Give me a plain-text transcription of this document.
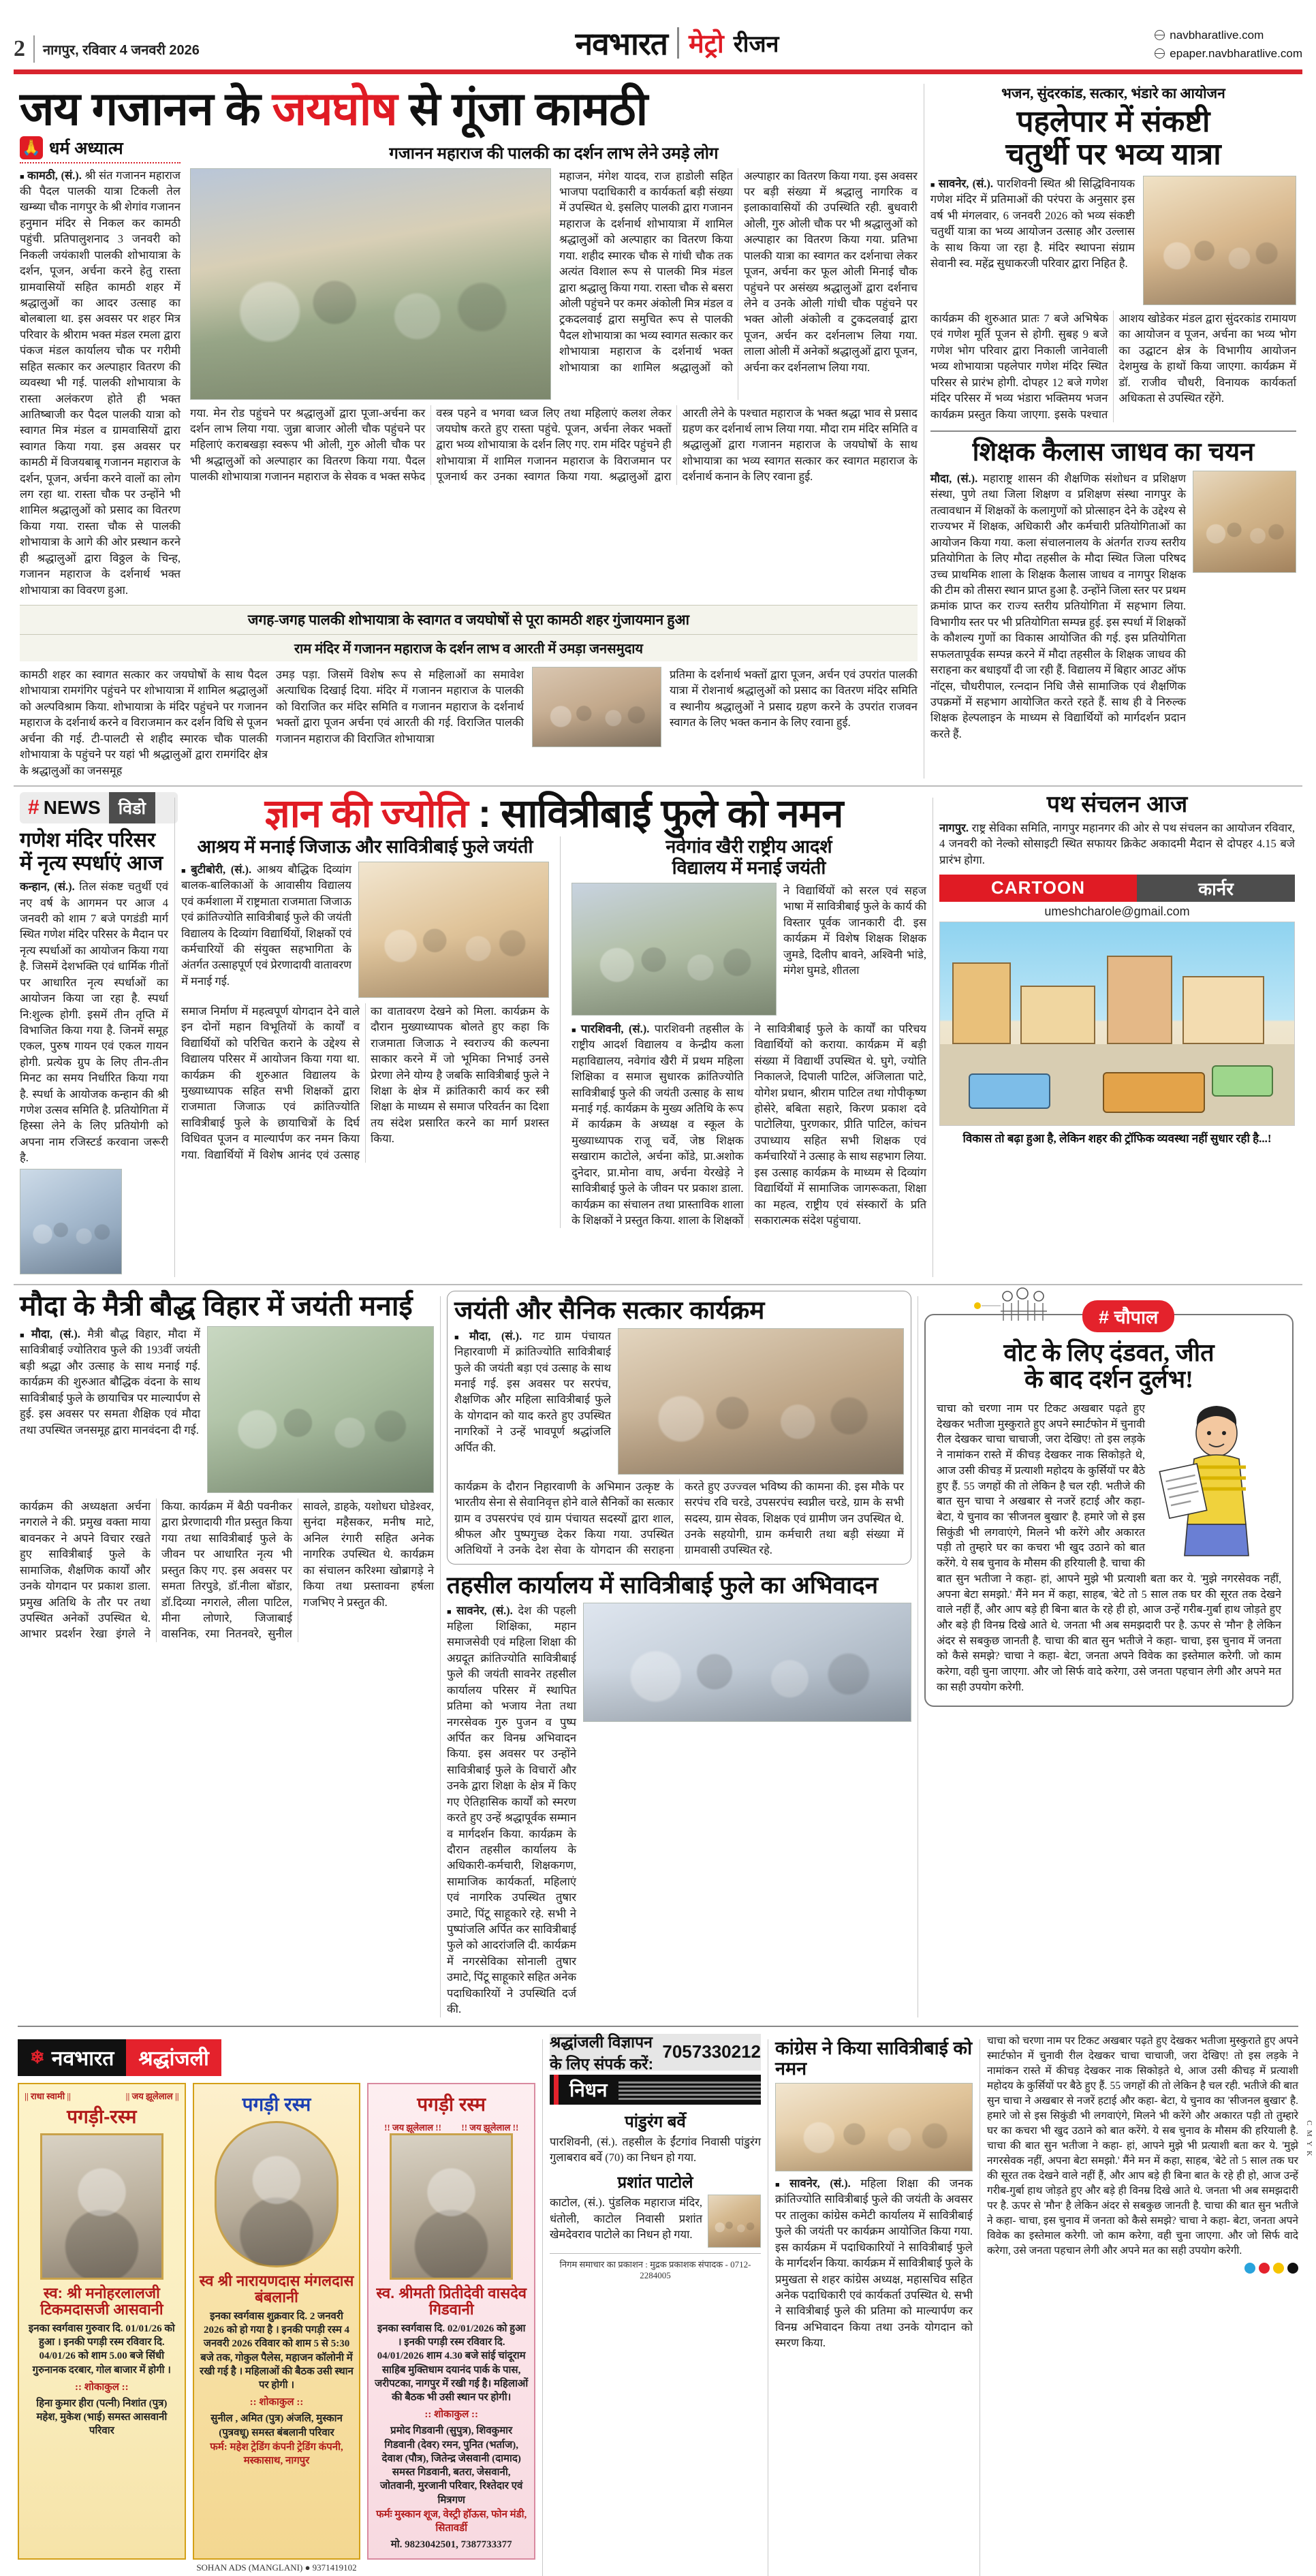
2 नागपुर, रविवार 4 जनवरी 2026	नवभारत मेट्रो रीजन	navbharatlive.com
epaper.navbharatlive.com
जय गजानन के जयघोष से गूंजा कामठी
🙏 धर्म अध्यात्म
■ कामठी, (सं.). श्री संत गजानन महाराज की पैदल पालकी यात्रा टिकली तेल खम्ब्या चौक नागपुर के श्री शेगांव गजानन हनुमान मंदिर से निकल कर कामठी पहुंची. प्रतिपालुशनाद 3 जनवरी को निकली जयंकाशी पालकी शोभायात्रा के दर्शन, पूजन, अर्चना करने हेतु रास्ता ग्रामवासियों सहित कामठी शहर में श्रद्धालुओं का आदर उत्साह का बोलबाला था. इस अवसर पर शहर मित्र परिवार के श्रीराम भक्त मंडल रमला द्वारा पंकज मंडल कार्यालय चौक पर गरीमी सहित सत्कार कर अल्पाहार वितरण की व्यवस्था भी गई. पालकी शोभायात्रा के रास्ता अलंकरण होते ही भक्त आतिष्बाजी कर पैदल पालकी यात्रा को स्वागत मित्र मंडल व ग्रामवासियों द्वारा स्वागत किया गया. इस अवसर पर कामठी में विजयबाबू गजानन महाराज के दर्शन, पूजन, अर्चना करने वालों का लोग लग रहा था. रास्ता चौक पर उन्होंने भी शामिल श्रद्धालुओं को प्रसाद का वितरण किया गया. रास्ता चौक से पालकी शोभायात्रा के आगे की ओर प्रस्थान करने ही श्रद्धालुओं द्वारा विठ्ठल के चिन्ह, गजानन महाराज के दर्शनार्थ भक्त शोभायात्रा का विवरण हुआ.
गजानन महाराज की पालकी का दर्शन लाभ लेने उमड़े लोग
महाजन, मंगेश यादव, राज हाडोली सहित भाजपा पदाधिकारी व कार्यकर्ता बड़ी संख्या में उपस्थित थे. इसलिए पालकी द्वारा गजानन महाराज के दर्शनार्थ शोभायात्रा में शामिल श्रद्धालुओं को अल्पाहार का वितरण किया गया. शहीद स्मारक चौक से गांधी चौक तक अत्यंत विशाल रूप से पालकी मित्र मंडल द्वारा श्रद्धालु किया गया. रास्ता चौक से बसरा ओली पहुंचने पर कमर अंकोली मित्र मंडल व ट्रकदलवाई द्वारा समुचित रूप से पालकी पैदल शोभायात्रा का भव्य स्वागत सत्कार कर शोभायात्रा महाराज के दर्शनार्थ भक्त शोभायात्रा का शामिल श्रद्धालुओं को अल्पाहार का वितरण किया गया. इस अवसर पर बड़ी संख्या में श्रद्धालु नागरिक व इलाकावासियों की उपस्थिति रही. बुधवारी ओली, गुरु ओली चौक पर भी श्रद्धालुओं को अल्पाहार का वितरण किया गया. प्रतिभा पालकी यात्रा का स्वागत कर दर्शनाचा लेकर पूजन, अर्चना कर फूल ओली मिनाई चौक पहुंचने पर असंख्य श्रद्धालुओं द्वारा दर्शनाच लेने व उनके ओली गांधी चौक पहुंचने पर भक्त ओली अंकोली व टुकदलवाई द्वारा पूजन, अर्चन कर दर्शनलाभ लिया गया. लाला ओली में अनेकों श्रद्धालुओं द्वारा पूजन, अर्चना कर दर्शनलाभ लिया गया.
गया. मेन रोड पहुंचने पर श्रद्धालुओं द्वारा पूजा-अर्चना कर दर्शन लाभ लिया गया. जुन्ना बाजार ओली चौक पहुंचने पर महिलाएं कराबखड़ा स्वरूप भी ओली, गुरु ओली चौक पर भी श्रद्धालुओं को अल्पाहार का वितरण किया गया. पैदल पालकी शोभायात्रा गजानन महाराज के सेवक व भक्त सफेद वस्त्र पहने व भगवा ध्वज लिए तथा महिलाएं कलश लेकर जयघोष करते हुए रास्ता पहुंचे. पूजन, अर्चना लेकर भक्तों द्वारा भव्य शोभायात्रा के दर्शन लिए गए. राम मंदिर पहुंचने ही शोभायात्रा में शामिल गजानन महाराज के विराजमान पर पूजनार्थ कर उनका स्वागत किया गया. श्रद्धालुओं द्वारा आरती लेने के पश्चात महाराज के भक्त श्रद्धा भाव से प्रसाद ग्रहण कर दर्शनार्थ लाभ लिया गया. मौदा राम मंदिर समिति व श्रद्धालुओं द्वारा गजानन महाराज के जयघोषों के साथ शोभायात्रा का भव्य स्वागत सत्कार कर स्वागत महाराज के दर्शनार्थ कनान के लिए रवाना हुई.
जगह-जगह पालकी शोभायात्रा के स्वागत व जयघोषों से पूरा कामठी शहर गुंजायमान हुआ
राम मंदिर में गजानन महाराज के दर्शन लाभ व आरती में उमड़ा जनसमुदाय
कामठी शहर का स्वागत सत्कार कर जयघोषों के साथ पैदल शोभायात्रा रामगंगिर पहुंचने पर शोभायात्रा में शामिल श्रद्धालुओं को अल्पविश्राम किया. शोभायात्रा के मंदिर पहुंचने पर गजानन महाराज के दर्शनार्थ करने व विराजमान कर दर्शन विधि से पूजन अर्चना की गई. टी-पालटी से शहीद स्मारक चौक पालकी शोभायात्रा के पहुंचने पर यहां भी श्रद्धालुओं द्वारा रामगंदिर क्षेत्र के श्रद्धालुओं का जनसमूह
उमड़ पड़ा. जिसमें विशेष रूप से महिलाओं का समावेश अत्याधिक दिखाई दिया. मंदिर में गजानन महाराज के पालकी को विराजित कर मंदिर समिति व गजानन महाराज के दर्शनार्थ भक्तों द्वारा पूजन अर्चना एवं आरती की गई. विराजित पालकी गजानन महाराज की विराजित शोभायात्रा
प्रतिमा के दर्शनार्थ भक्तों द्वारा पूजन, अर्चन एवं उपरांत पालकी यात्रा में रोशनार्थ श्रद्धालुओं को प्रसाद का वितरण मंदिर समिति व स्थानीय श्रद्धालुओं ने प्रसाद ग्रहण करने के उपरांत राजवन स्वागत के लिए भक्त कनान के लिए रवाना हुई.
भजन, सुंदरकांड, सत्कार, भंडारे का आयोजन
पहलेपार में संकष्टी
चतुर्थी पर भव्य यात्रा
■ सावनेर, (सं.). पारशिवनी स्थित श्री सिद्धिविनायक गणेश मंदिर में प्रतिमाओं की परंपरा के अनुसार इस वर्ष भी मंगलवार, 6 जनवरी 2026 को भव्य संकष्टी चतुर्थी यात्रा का भव्य आयोजन उत्साह और उल्लास के साथ किया जा रहा है. मंदिर स्थापना संग्राम सेवानी स्व. महेंद्र सुधाकरजी परिवार द्वारा निहित है.
कार्यक्रम की शुरुआत प्रातः 7 बजे अभिषेक एवं गणेश मूर्ति पूजन से होगी. सुबह 9 बजे गणेश भोग परिवार द्वारा निकाली जानेवाली भव्य शोभायात्रा पहलेपार गणेश मंदिर स्थित परिसर से प्रारंभ होगी. दोपहर 12 बजे गणेश मंदिर परिसर में भव्य भंडारा भक्तिमय भजन कार्यक्रम प्रस्तुत किया जाएगा. इसके पश्चात आशय खोडेकर मंडल द्वारा सुंदरकांड रामायण का आयोजन व पूजन, अर्चना का भव्य भोग का उद्घाटन क्षेत्र के विभागीय आयोजन देशमुख के हाथों किया जाएगा. कार्यक्रम में डॉ. राजीव चौधरी, विनायक कार्यकर्ता अधिकता से उपस्थित रहेंगे.
शिक्षक कैलास जाधव का चयन
मौदा, (सं.). महाराष्ट्र शासन की शैक्षणिक संशोधन व प्रशिक्षण संस्था, पुणे तथा जिला शिक्षण व प्रशिक्षण संस्था नागपुर के तत्वावधान में शिक्षकों के कलागुणों को प्रोत्साहन देने के उद्देश्य से राज्यभर में शिक्षक, अधिकारी और कर्मचारी प्रतियोगिताओं का आयोजन किया गया. कला संचालनालय के अंतर्गत राज्य स्तरीय प्रतियोगिता के लिए मौदा तहसील के मौदा स्थित जिला परिषद उच्च प्राथमिक शाला के शिक्षक कैलास जाधव व नागपुर शिक्षक की टीम को तीसरा स्थान प्राप्त हुआ है. उन्होंने जिला स्तर पर प्रथम क्रमांक प्राप्त कर राज्य स्तरीय प्रतियोगिता में सहभाग लिया. विभागीय स्तर पर भी प्रतियोगिता सम्पन्न हुई. इस स्पर्धा में शिक्षकों के कौशल्य गुणों का विकास आयोजित की गई. इस प्रतियोगिता सफलतापूर्वक सम्पन्न करने में मौदा तहसील के शिक्षक जाधव की सराहना कर बधाइयाँ दी जा रही हैं. विद्यालय में बिहार आउट ऑफ नॉट्स, चौधरीपाल, रत्नदान निधि जैसे सामाजिक एवं शैक्षणिक उपक्रमों में सहभाग आयोजित करते रहते हैं. साथ ही वे निरुल्क शिक्षक हेल्पलाइन के माध्यम से विद्यार्थियों को मार्गदर्शन प्रदान करते हैं.
# NEWS	विडो
गणेश मंदिर परिसर में नृत्य स्पर्धाएं आज
कन्हान, (सं.). तिल संकष्ट चतुर्थी एवं नए वर्ष के आगमन पर आज 4 जनवरी को शाम 7 बजे पगडंडी मार्ग स्थित गणेश मंदिर परिसर के मैदान पर नृत्य स्पर्धाओं का आयोजन किया गया है. जिसमें देशभक्ति एवं धार्मिक गीतों पर आधारित नृत्य स्पर्धाओं का आयोजन किया जा रहा है. स्पर्धा नि:शुल्क होगी. इसमें तीन तृप्ति में विभाजित किया गया है. जिनमें समूह एकल, पुरुष गायन एवं एकल गायन होगी. प्रत्येक ग्रुप के लिए तीन-तीन मिनट का समय निर्धारित किया गया है. स्पर्धा के आयोजक कन्हान की श्री गणेश उत्सव समिति है. प्रतियोगिता में हिस्सा लेने के लिए प्रतियोगी को अपना नाम रजिस्टर्ड करवाना जरूरी है.
ज्ञान की ज्योति : सावित्रीबाई फुले को नमन
आश्रय में मनाई जिजाऊ और सावित्रीबाई फुले जयंती
■ बुटीबोरी, (सं.). आश्रय बौद्धिक दिव्यांग बालक-बालिकाओं के आवासीय विद्यालय एवं कर्मशाला में राष्ट्रमाता राजमाता जिजाऊ एवं क्रांतिज्योति सावित्रीबाई फुले की जयंती विद्यालय के दिव्यांग विद्यार्थियों, शिक्षकों एवं कर्मचारियों की संयुक्त सहभागिता के अंतर्गत उत्साहपूर्ण एवं प्रेरणादायी वातावरण में मनाई गई.
समाज निर्माण में महत्वपूर्ण योगदान देने वाले इन दोनों महान विभूतियों के कार्यों व विद्यार्थियों को परिचित कराने के उद्देश्य से विद्यालय परिसर में आयोजन किया गया था. कार्यक्रम की शुरुआत विद्यालय के मुख्याध्यापक सहित सभी शिक्षकों द्वारा राजमाता जिजाऊ एवं क्रांतिज्योति सावित्रीबाई फुले के छायाचित्रों के दिर्घ विधिवत पूजन व माल्यार्पण कर नमन किया गया. विद्यार्थियों में विशेष आनंद एवं उत्साह का वातावरण देखने को मिला. कार्यक्रम के दौरान मुख्याध्यापक बोलते हुए कहा कि राजमाता जिजाऊ ने स्वराज्य की कल्पना साकार करने में जो भूमिका निभाई उनसे प्रेरणा लेने योग्य है जबकि सावित्रीबाई फुले ने शिक्षा के क्षेत्र में क्रांतिकारी कार्य कर स्त्री शिक्षा के माध्यम से समाज परिवर्तन का दिशा तय संदेश प्रसारित करने का मार्ग प्रशस्त किया.
नवेगांव खैरी राष्ट्रीय आदर्श
विद्यालय में मनाई जयंती
ने विद्यार्थियों को सरल एवं सहज भाषा में सावित्रीबाई फुले के कार्य की विस्तार पूर्वक जानकारी दी. इस कार्यक्रम में विशेष शिक्षक शिक्षक जुमडे, दिलीप बावने, अश्विनी भांडे, मंगेश घुमडे, शीतला
■ पारशिवनी, (सं.). पारशिवनी तहसील के राष्ट्रीय आदर्श विद्यालय व केन्द्रीय कला महाविद्यालय, नवेगांव खैरी में प्रथम महिला शिक्षिका व समाज सुधारक क्रांतिज्योति सावित्रीबाई फुले की जयंती उत्साह के साथ मनाई गई. कार्यक्रम के मुख्य अतिथि के रूप में कार्यक्रम के अध्यक्ष व स्कूल के मुख्याध्यापक राजू चर्वे, जेष्ठ शिक्षक सखाराम काटोले, अर्चना कोंडे, प्रा.अशोक दुनेदार, प्रा.मोना वाघ, अर्चना येरखेड़े ने सावित्रीबाई फुले के जीवन पर प्रकाश डाला. कार्यक्रम का संचालन तथा प्रास्ताविक शाला के शिक्षकों ने प्रस्तुत किया. शाला के शिक्षकों ने सावित्रीबाई फुले के कार्यों का परिचय विद्यार्थियों को कराया. कार्यक्रम में बड़ी संख्या में विद्यार्थी उपस्थित थे. घुगे, ज्योति निकालजे, दिपाली पाटिल, अंजिलाता पाटे, योगेश प्रधान, श्रीराम पाटिल तथा गोपीकृष्ण होसेरे, बबिता सहारे, किरण प्रकाश दवे पाटोलिया, पुरणकार, प्रीति पाटिल, कांचन उपाध्याय सहित सभी शिक्षक एवं कर्मचारियों ने उत्साह के साथ सहभाग लिया. इस उत्साह कार्यक्रम के माध्यम से दिव्यांग विद्यार्थियों में सामाजिक जागरूकता, शिक्षा का महत्व, राष्ट्रीय एवं संस्कारों के प्रति सकारात्मक संदेश पहुंचाया.
पथ संचलन आज
नागपुर. राष्ट्र सेविका समिति, नागपुर महानगर की ओर से पथ संचलन का आयोजन रविवार, 4 जनवरी को नेल्को सोसाइटी स्थित सफायर क्रिकेट अकादमी मैदान से दोपहर 4.15 बजे प्रारंभ होगा.
CARTOON	कार्नर
umeshcharole@gmail.com
विकास तो बढ़ा हुआ है, लेकिन शहर की ट्रॉफिक व्यवस्था नहीं सुधार रही है...!
मौदा के मैत्री बौद्ध विहार में जयंती मनाई
■ मौदा, (सं.). मैत्री बौद्ध विहार, मौदा में सावित्रीबाई ज्योतिराव फुले की 193वीं जयंती बड़ी श्रद्धा और उत्साह के साथ मनाई गई. कार्यक्रम की शुरुआत बौद्धिक वंदना के साथ सावित्रीबाई फुले के छायाचित्र पर माल्यार्पण से हुई. इस अवसर पर समता शैक्षिक एवं मौदा तथा उपस्थित जनसमूह द्वारा मानवंदना दी गई.
कार्यक्रम की अध्यक्षता अर्चना नगराले ने की. प्रमुख वक्ता माया बावनकर ने अपने विचार रखते हुए सावित्रीबाई फुले के सामाजिक, शैक्षणिक कार्यों और उनके योगदान पर प्रकाश डाला. प्रमुख अतिथि के तौर पर तथा उपस्थित अनेकों उपस्थित थे. आभार प्रदर्शन रेखा इंगले ने किया. कार्यक्रम में बैठी पवनीकर द्वारा प्रेरणादायी गीत प्रस्तुत किया गया तथा सावित्रीबाई फुले के जीवन पर आधारित नृत्य भी प्रस्तुत किए गए. इस अवसर पर समता तिरपुडे, डॉ.नीला बोंडार, डॉ.दिव्या नगराले, लीला पाटिल, मीना लोणारे, जिजाबाई वासनिक, रमा नितनवरे, सुनील सावले, डाहके, यशोधरा घोडेश्वर, सुनंदा महैसकर, मनीष माटे, अनिल रंगारी सहित अनेक नागरिक उपस्थित थे. कार्यक्रम का संचालन करिश्मा खोब्रागड़े ने किया तथा प्रस्तावना हर्षला गजभिए ने प्रस्तुत की.
जयंती और सैनिक सत्कार कार्यक्रम
■ मौदा, (सं.). गट ग्राम पंचायत निहारवाणी में क्रांतिज्योति सावित्रीबाई फुले की जयंती बड़ा एवं उत्साह के साथ मनाई गई. इस अवसर पर सरपंच, शैक्षणिक और महिला सावित्रीबाई फुले के योगदान को याद करते हुए उपस्थित नागरिकों ने उन्हें भावपूर्ण श्रद्धांजलि अर्पित की.
कार्यक्रम के दौरान निहारवाणी के अभिमान उत्कृष्ट के भारतीय सेना से सेवानिवृत्त होने वाले सैनिकों का सत्कार ग्राम व उपसरपंच एवं ग्राम पंचायत सदस्यों द्वारा शाल, श्रीफल और पुष्पगुच्छ देकर किया गया. उपस्थित अतिथियों ने उनके देश सेवा के योगदान की सराहना करते हुए उज्ज्वल भविष्य की कामना की. इस मौके पर सरपंच रवि चरडे, उपसरपंच स्वप्नील चरडे, ग्राम के सभी सदस्य, ग्राम सेवक, शिक्षक एवं ग्रामीण जन उपस्थित थे. उनके सहयोगी, ग्राम कर्मचारी तथा बड़ी संख्या में ग्रामवासी उपस्थित रहे.
तहसील कार्यालय में सावित्रीबाई फुले का अभिवादन
■ सावनेर, (सं.). देश की पहली महिला शिक्षिका, महान समाजसेवी एवं महिला शिक्षा की अग्रदूत क्रांतिज्योति सावित्रीबाई फुले की जयंती सावनेर तहसील कार्यालय परिसर में स्थापित प्रतिमा को भजाय नेता तथा नगरसेवक गुरु पुजन व पुष्प अर्पित कर विनम्र अभिवादन किया. इस अवसर पर उन्होंने सावित्रीबाई फुले के विचारों और उनके द्वारा शिक्षा के क्षेत्र में किए गए ऐतिहासिक कार्यों को स्मरण करते हुए उन्हें श्रद्धापूर्वक सम्मान व मार्गदर्शन किया. कार्यक्रम के दौरान तहसील कार्यालय के अधिकारी-कर्मचारी, शिक्षकगण, सामाजिक कार्यकर्ता, महिलाएं एवं नागरिक उपस्थित तुषार उमाटे, पिंटू साहूकारे रहे. सभी ने पुष्पांजलि अर्पित कर सावित्रीबाई फुले को आदरांजलि दी. कार्यक्रम में नगरसेविका सोनाली तुषार उमाटे, पिंटू साहूकारे सहित अनेक पदाधिकारियों ने उपस्थिति दर्ज की.
# चौपाल
वोट के लिए दंडवत, जीत
के बाद दर्शन दुर्लभ!
चाचा को चरणा नाम पर टिकट अखबार पढ़ते हुए देखकर भतीजा मुस्कुराते हुए अपने स्मार्टफोन में चुनावी रील देखकर चाचा चाचाजी, जरा देखिए! तो इस लड़के ने नामांकन रास्ते में कीचड़ देखकर नाक सिकोड़ते थे, आज उसी कीचड़ में प्रत्याशी महोदय के कुर्सियों पर बैठे हुए हैं. 55 जगहों की तो लेकिन है चल रही. भतीजे की बात सुन चाचा ने अखबार से नजरें हटाई और कहा- बेटा, ये चुनाव का 'सीजनल बुखार' है. हमारे जो से इस सिकुंडी भी लगवाएंगे, मिलने भी करेंगे और अकारत पड़ी तो तुम्हारे घर का कचरा भी खुद उठाने को बात करेंगे. ये सब चुनाव के मौसम की हरियाली है. चाचा की बात सुन भतीजा ने कहा- हां, आपने मुझे भी प्रत्याशी बता कर ये. 'मुझे नगरसेवक नहीं, अपना बेटा समझो.' मैंने मन में कहा, साहब, 'बेटे तो 5 साल तक घर की सूरत तक देखने वाले नहीं हैं, और आप बड़े ही बिना बात के रहे ही हो, आज उन्हें गरीब-गुर्बा हाथ जोड़ते हुए और बड़े ही विनम्र दिखे आते थे. जनता भी अब समझदारी पर है. ऊपर से 'मौन' है लेकिन अंदर से सबकुछ जानती है. चाचा की बात सुन भतीजे ने कहा- चाचा, इस चुनाव में जनता को कैसे समझे? चाचा ने कहा- बेटा, जनता अपने विवेक का इस्तेमाल करेगी. जो काम करेगा, वही चुना जाएगा. और जो सिर्फ वादे करेगा, उसे जनता पहचान लेगी और अपने मत का सही उपयोग करेगी.
❄ नवभारत	श्रद्धांजली
|| राधा स्वामी ||	|| जय झूलेलाल ||
पगड़ी-रस्म
स्व: श्री मनोहरलालजी टिकमदासजी आसवानी
इनका स्वर्गवास गुरुवार दि. 01/01/26 को हुआ । इनकी पगड़ी रस्म रविवार दि. 04/01/26 को शाम 5.00 बजे सिंधी गुरुनानक दरबार, गोल बाजार में होगी ।
:: शोकाकुल ::
हिना कुमार हीरा (पत्नी) निशांत (पुत्र) महेश, मुकेश (भाई) समस्त आसवानी परिवार
पगड़ी रस्म
स्व श्री नारायणदास मंगलदास बंबलानी
इनका स्वर्गवास शुक्रवार दि. 2 जनवरी 2026 को हो गया है । इनकी पगड़ी रस्म 4 जनवरी 2026 रविवार को शाम 5 से 5:30 बजे तक, गोकुल पैलेस, महाजन कॉलोनी में रखी गई है । महिलाओं की बैठक उसी स्थान पर होगी ।
:: शोकाकुल ::
सुनील , अमित (पुत्र) अंजलि, मुस्कान (पुत्रवधू) समस्त बंबलानी परिवार
फर्म: महेश ट्रेडिंग कंपनी ट्रेडिंग कंपनी, मस्कासाथ, नागपुर
पगड़ी रस्म
!! जय झूलेलाल !! !! जय झूलेलाल !!
स्व. श्रीमती प्रितीदेवी वासदेव गिडवानी
इनका स्वर्गवास दि. 02/01/2026 को हुआ । इनकी पगड़ी रस्म रविवार दि. 04/01/2026 शाम 4.30 बजे सांई चांदूराम साहिब मुक्तिधाम दयानंद पार्क के पास, जरीपटका, नागपुर में रखी गई है। महिलाओं की बैठक भी उसी स्थान पर होगी।
:: शोकाकुल ::
प्रमोद गिडवानी (सुपुत्र), शिवकुमार गिडवानी (देवर) रमन, पुनित (भर्ताज), देवाश (पौत्र), जितेन्द्र जेसवानी (दामाद) समस्त गिडवानी, बतरा, जेसवानी, जोतवानी, मुरजानी परिवार, रिश्तेदार एवं मित्रगण
फर्मः मुस्कान शूज, वेस्ट्री हॉऊस, फोन मंडी, सितावर्डी
मो. 9823042501, 7387733377
SOHAN ADS (MANGLANI) ● 9371419102
श्रद्धांजली विज्ञापन के लिए संपर्क करें:

7057330212
निधन
पांडुरंग बर्वे
पारशिवनी, (सं.). तहसील के ईंटगांव निवासी पांडुरंग गुलाबराव बर्वे (70) का निधन हो गया.
प्रशांत पाटोले
काटोल, (सं.). पुंडलिक महाराज मंदिर, धंतोली, काटोल निवासी प्रशांत खेमदेवराव पाटोले का निधन हो गया.
निगम समाचार का प्रकाशन : मुद्रक प्रकाशक संपादक - 0712-2284005
कांग्रेस ने किया सावित्रीबाई को नमन
■ सावनेर, (सं.). महिला शिक्षा की जनक क्रांतिज्योति सावित्रीबाई फुले की जयंती के अवसर पर तालुका कांग्रेस कमेटी कार्यालय में सावित्रीबाई फुले की जयंती पर कार्यक्रम आयोजित किया गया. इस कार्यक्रम में पदाधिकारियों ने सावित्रीबाई फुले के मार्गदर्शन किया. कार्यक्रम में सावित्रीबाई फुले के प्रमुखता से शहर कांग्रेस अध्यक्ष, महासचिव सहित अनेक पदाधिकारी एवं कार्यकर्ता उपस्थित थे. सभी ने सावित्रीबाई फुले की प्रतिमा को माल्यार्पण कर विनम्र अभिवादन किया तथा उनके योगदान को स्मरण किया.
चाचा को चरणा नाम पर टिकट अखबार पढ़ते हुए देखकर भतीजा मुस्कुराते हुए अपने स्मार्टफोन में चुनावी रील देखकर चाचा चाचाजी, जरा देखिए! तो इस लड़के ने नामांकन रास्ते में कीचड़ देखकर नाक सिकोड़ते थे, आज उसी कीचड़ में प्रत्याशी महोदय के कुर्सियों पर बैठे हुए हैं. 55 जगहों की तो लेकिन है चल रही. भतीजे की बात सुन चाचा ने अखबार से नजरें हटाई और कहा- बेटा, ये चुनाव का 'सीजनल बुखार' है. हमारे जो से इस सिकुंडी भी लगवाएंगे, मिलने भी करेंगे और अकारत पड़ी तो तुम्हारे घर का कचरा भी खुद उठाने को बात करेंगे. ये सब चुनाव के मौसम की हरियाली है. चाचा की बात सुन भतीजा ने कहा- हां, आपने मुझे भी प्रत्याशी बता कर ये. 'मुझे नगरसेवक नहीं, अपना बेटा समझो.' मैंने मन में कहा, साहब, 'बेटे तो 5 साल तक घर की सूरत तक देखने वाले नहीं हैं, और आप बड़े ही बिना बात के रहे ही हो, आज उन्हें गरीब-गुर्बा हाथ जोड़ते हुए और बड़े ही विनम्र दिखे आते थे. जनता भी अब समझदारी पर है. ऊपर से 'मौन' है लेकिन अंदर से सबकुछ जानती है. चाचा की बात सुन भतीजे ने कहा- चाचा, इस चुनाव में जनता को कैसे समझे? चाचा ने कहा- बेटा, जनता अपने विवेक का इस्तेमाल करेगी. जो काम करेगा, वही चुना जाएगा. और जो सिर्फ वादे करेगा, उसे जनता पहचान लेगी और अपने मत का सही उपयोग करेगी.
C M Y K
